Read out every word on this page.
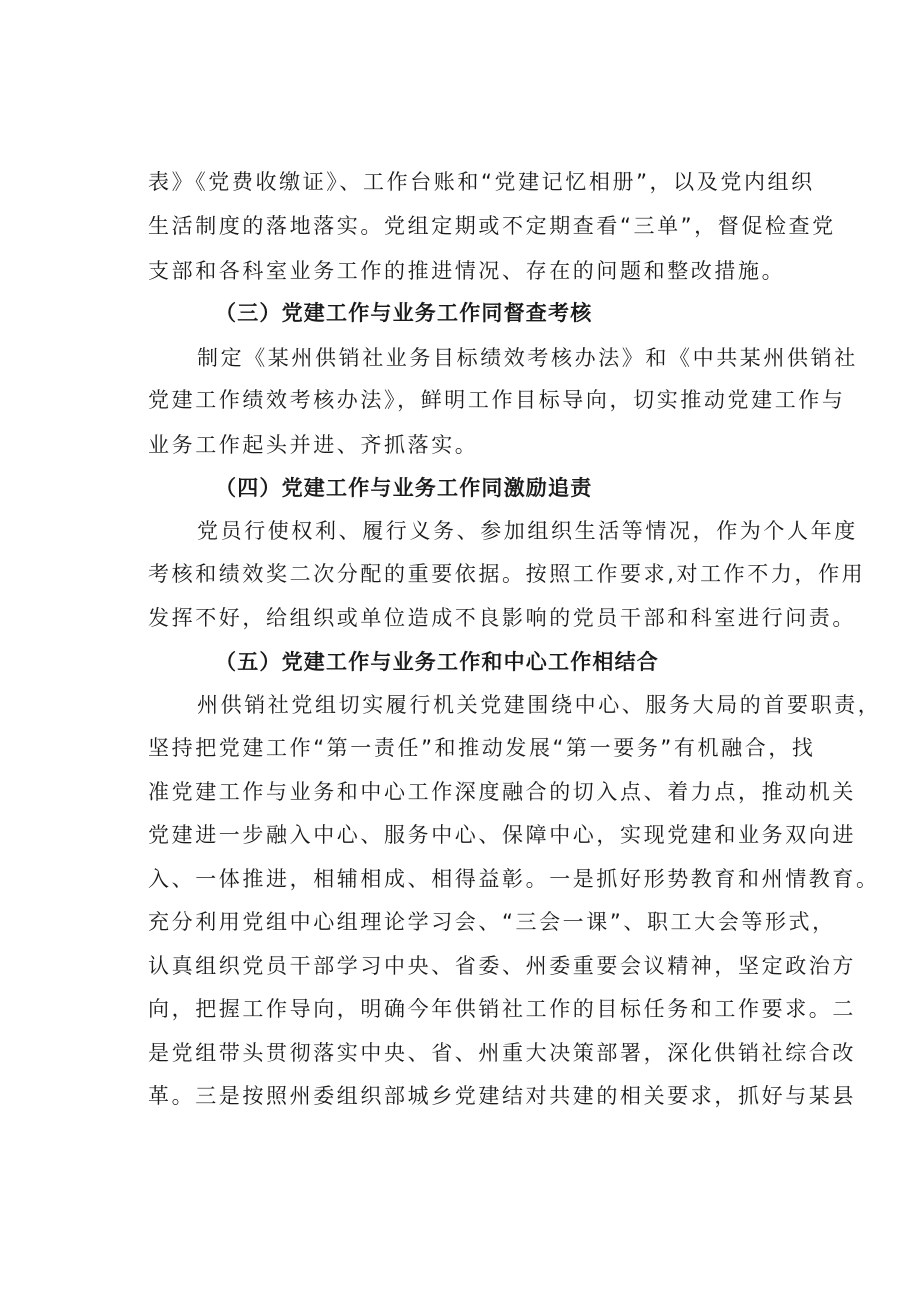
表》《党费收缴证》、工作台账和“党建记忆相册”，以及党内组织
生活制度的落地落实。党组定期或不定期查看“三单”，督促检查党
支部和各科室业务工作的推进情况、存在的问题和整改措施。
（三）党建工作与业务工作同督查考核
制定《某州供销社业务目标绩效考核办法》和《中共某州供销社
党建工作绩效考核办法》，鲜明工作目标导向，切实推动党建工作与
业务工作起头并进、齐抓落实。
（四）党建工作与业务工作同激励追责
党员行使权利、履行义务、参加组织生活等情况，作为个人年度
考核和绩效奖二次分配的重要依据。按照工作要求,对工作不力，作用
发挥不好，给组织或单位造成不良影响的党员干部和科室进行问责。
（五）党建工作与业务工作和中心工作相结合
州供销社党组切实履行机关党建围绕中心、服务大局的首要职责，
坚持把党建工作“第一责任”和推动发展“第一要务”有机融合，找
准党建工作与业务和中心工作深度融合的切入点、着力点，推动机关
党建进一步融入中心、服务中心、保障中心，实现党建和业务双向进
入、一体推进，相辅相成、相得益彰。一是抓好形势教育和州情教育。
充分利用党组中心组理论学习会、“三会一课”、职工大会等形式，
认真组织党员干部学习中央、省委、州委重要会议精神，坚定政治方
向，把握工作导向，明确今年供销社工作的目标任务和工作要求。二
是党组带头贯彻落实中央、省、州重大决策部署，深化供销社综合改
革。三是按照州委组织部城乡党建结对共建的相关要求，抓好与某县
